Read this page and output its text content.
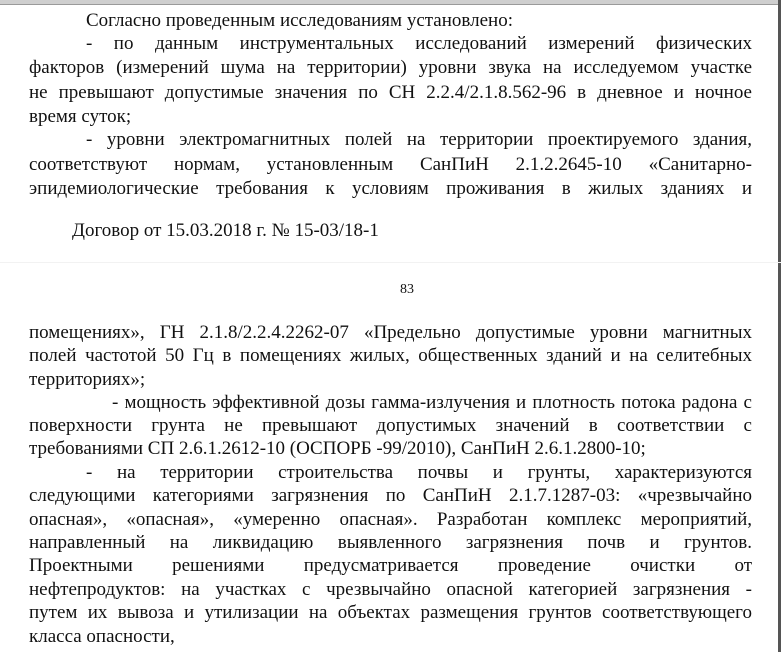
Согласно проведенным исследованиям установлено:
- по данным инструментальных исследований измерений физических
факторов (измерений шума на территории) уровни звука на исследуемом участке
не превышают допустимые значения по СН 2.2.4/2.1.8.562-96 в дневное и ночное
время суток;
- уровни электромагнитных полей на территории проектируемого здания,
соответствуют нормам, установленным СанПиН 2.1.2.2645-10 «Санитарно-
эпидемиологические требования к условиям проживания в жилых зданиях и
Договор от 15.03.2018 г. № 15-03/18-1
83
помещениях», ГН 2.1.8/2.2.4.2262-07 «Предельно допустимые уровни магнитных
полей частотой 50 Гц в помещениях жилых, общественных зданий и на селитебных
территориях»;
- мощность эффективной дозы гамма-излучения и плотность потока радона с
поверхности грунта не превышают допустимых значений в соответствии с
требованиями СП 2.6.1.2612-10 (ОСПОРБ -99/2010), СанПиН 2.6.1.2800-10;
- на территории строительства почвы и грунты, характеризуются
следующими категориями загрязнения по СанПиН 2.1.7.1287-03: «чрезвычайно
опасная», «опасная», «умеренно опасная». Разработан комплекс мероприятий,
направленный на ликвидацию выявленного загрязнения почв и грунтов.
Проектными решениями предусматривается проведение очистки от
нефтепродуктов: на участках с чрезвычайно опасной категорией загрязнения -
путем их вывоза и утилизации на объектах размещения грунтов соответствующего
класса опасности,
